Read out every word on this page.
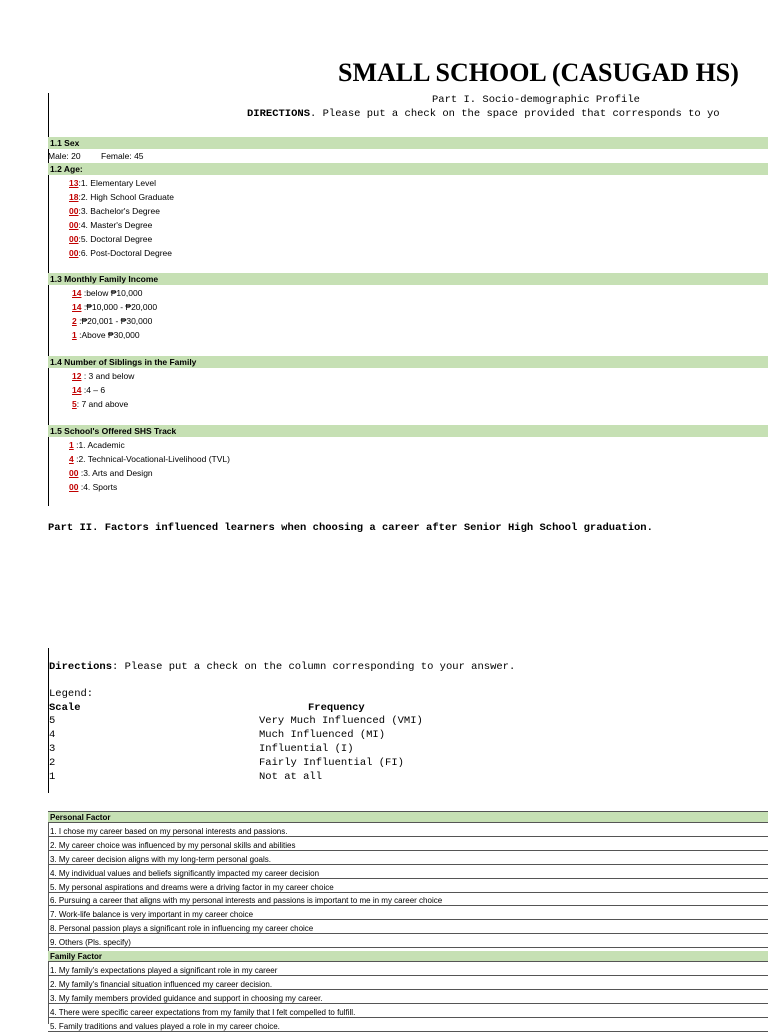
SMALL SCHOOL (CASUGAD HS)
Part I. Socio-demographic Profile
DIRECTIONS. Please put a check on the space provided that corresponds to yo
1.1 Sex
Male: 20 Female: 45
1.2 Age:
13:1. Elementary Level
18:2. High School Graduate
00:3. Bachelor's Degree
00:4. Master's Degree
00:5. Doctoral Degree
00:6. Post-Doctoral Degree
1.3 Monthly Family Income
14 :below ₱10,000
14 :₱10,000 - ₱20,000
2 :₱20,001 - ₱30,000
1 :Above ₱30,000
1.4 Number of Siblings in the Family
12 : 3 and below
14 :4 – 6
5: 7 and above
1.5 School's Offered SHS Track
1 :1. Academic
4 :2. Technical-Vocational-Livelihood (TVL)
00 :3. Arts and Design
00 :4. Sports
Part II. Factors influenced learners when choosing a career after Senior High School graduation.
Directions: Please put a check on the column corresponding to your answer.
Legend:
Scale	Frequency
5	Very Much Influenced (VMI)
4	Much Influenced (MI)
3	Influential (I)
2	Fairly Influential (FI)
1	Not at all
Personal Factor
1. I chose my career based on my personal interests and passions.
2. My career choice was influenced by my personal skills and abilities
3. My career decision aligns with my long-term personal goals.
4. My individual values and beliefs significantly impacted my career decision
5. My personal aspirations and dreams were a driving factor in my career choice
6. Pursuing a career that aligns with my personal interests and passions is important to me in my career choice
7. Work-life balance is very important in my career choice
8. Personal passion plays a significant role in influencing my career choice
9. Others (Pls. specify)
Family Factor
1. My family's expectations played a significant role in my career
2. My family's financial situation influenced my career decision.
3. My family members provided guidance and support in choosing my career.
4. There were specific career expectations from my family that I felt compelled to fulfill.
5. Family traditions and values played a role in my career choice.
